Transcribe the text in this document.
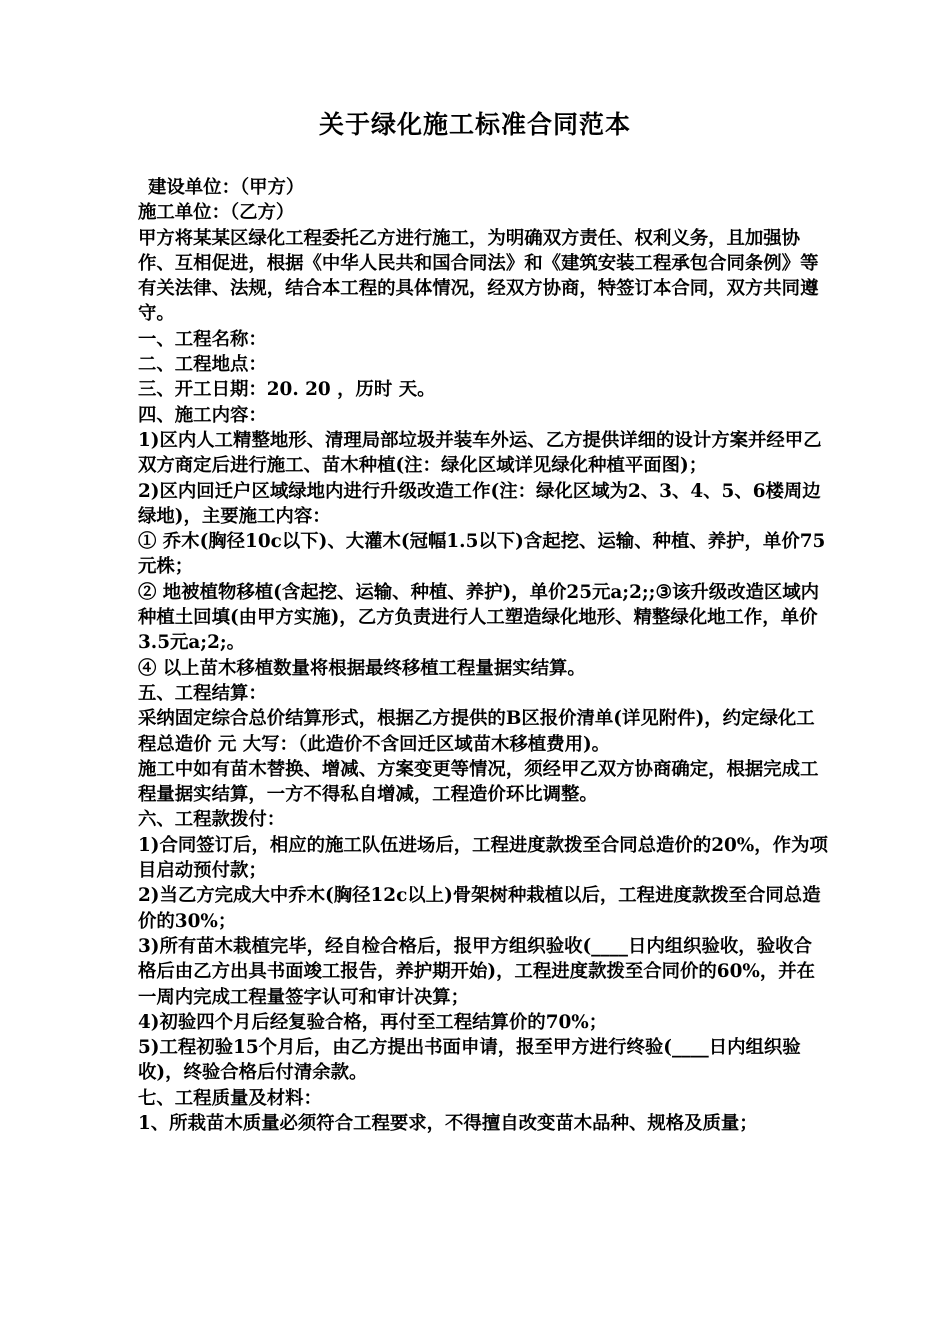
关于绿化施工标准合同范本

建设单位：（甲方）

施工单位：（乙方）

甲方将某某区绿化工程委托乙方进行施工，为明确双方责任、权利义务，且加强协作、互相促进，根据《中华人民共和国合同法》和《建筑安装工程承包合同条例》等有关法律、法规，结合本工程的具体情况，经双方协商，特签订本合同，双方共同遵守。

一、工程名称：

二、工程地点：

三、开工日期：20. 20 ，历时 天。

四、施工内容：

1)区内人工精整地形、清理局部垃圾并装车外运、乙方提供详细的设计方案并经甲乙双方商定后进行施工、苗木种植(注：绿化区域详见绿化种植平面图)；

2)区内回迁户区域绿地内进行升级改造工作(注：绿化区域为2、3、4、5、6楼周边绿地)，主要施工内容：

① 乔木(胸径10c以下)、大灌木(冠幅1.5以下)含起挖、运输、种植、养护，单价75元株；

② 地被植物移植(含起挖、运输、种植、养护)，单价25元a;2;;③该升级改造区域内种植土回填(由甲方实施)，乙方负责进行人工塑造绿化地形、精整绿化地工作，单价3.5元a;2;。

④ 以上苗木移植数量将根据最终移植工程量据实结算。

五、工程结算：

采纳固定综合总价结算形式，根据乙方提供的B区报价清单(详见附件)，约定绿化工程总造价 元 大写：（此造价不含回迁区域苗木移植费用)。

施工中如有苗木替换、增减、方案变更等情况，须经甲乙双方协商确定，根据完成工程量据实结算，一方不得私自增减，工程造价环比调整。

六、工程款拨付：

1)合同签订后，相应的施工队伍进场后，工程进度款拨至合同总造价的20%，作为项目启动预付款；

2)当乙方完成大中乔木(胸径12c以上)骨架树种栽植以后，工程进度款拨至合同总造价的30%；

3)所有苗木栽植完毕，经自检合格后，报甲方组织验收(____日内组织验收，验收合格后由乙方出具书面竣工报告，养护期开始)，工程进度款拨至合同价的60%，并在一周内完成工程量签字认可和审计决算；

4)初验四个月后经复验合格，再付至工程结算价的70%；

5)工程初验15个月后，由乙方提出书面申请，报至甲方进行终验(____日内组织验收)，终验合格后付清余款。

七、工程质量及材料：

1、所栽苗木质量必须符合工程要求，不得擅自改变苗木品种、规格及质量；
